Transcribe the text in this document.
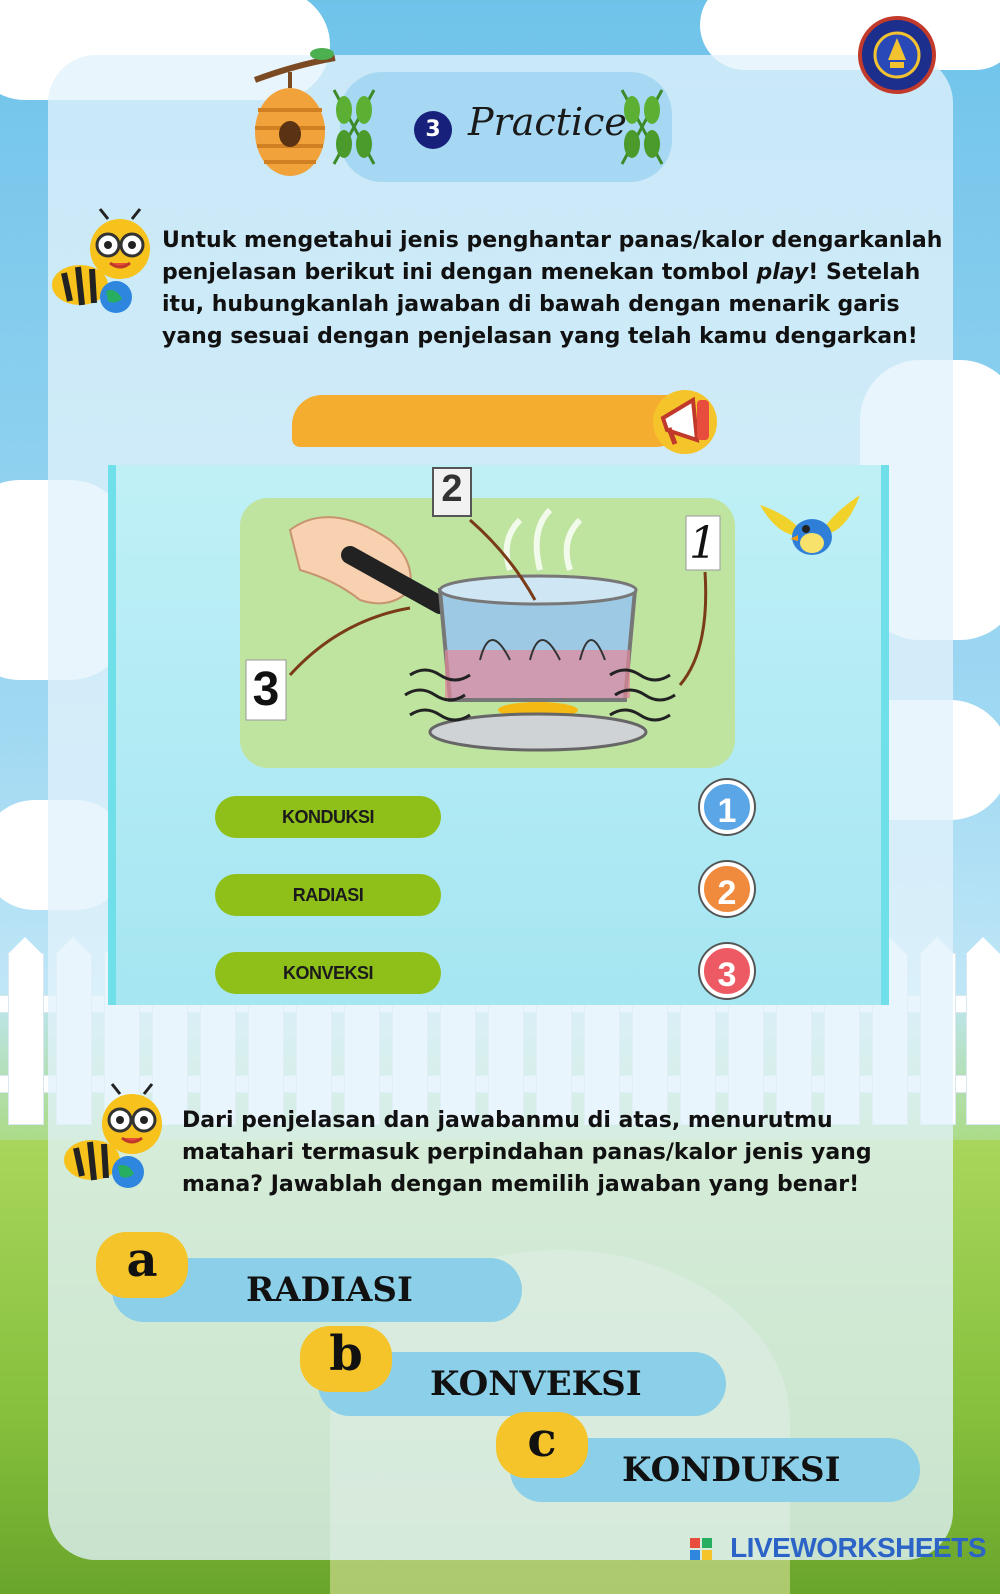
3 Practice
Untuk mengetahui jenis penghantar panas/kalor dengarkanlah penjelasan berikut ini dengan menekan tombol play! Setelah itu, hubungkanlah jawaban di bawah dengan menarik garis yang sesuai dengan penjelasan yang telah kamu dengarkan!
2
1
3
KONDUKSI
RADIASI
KONVEKSI
1
2
3
Dari penjelasan dan jawabanmu di atas, menurutmu matahari termasuk perpindahan panas/kalor jenis yang mana? Jawablah dengan memilih jawaban yang benar!
RADIASI
a
KONVEKSI
b
KONDUKSI
c
LIVEWORKSHEETS
